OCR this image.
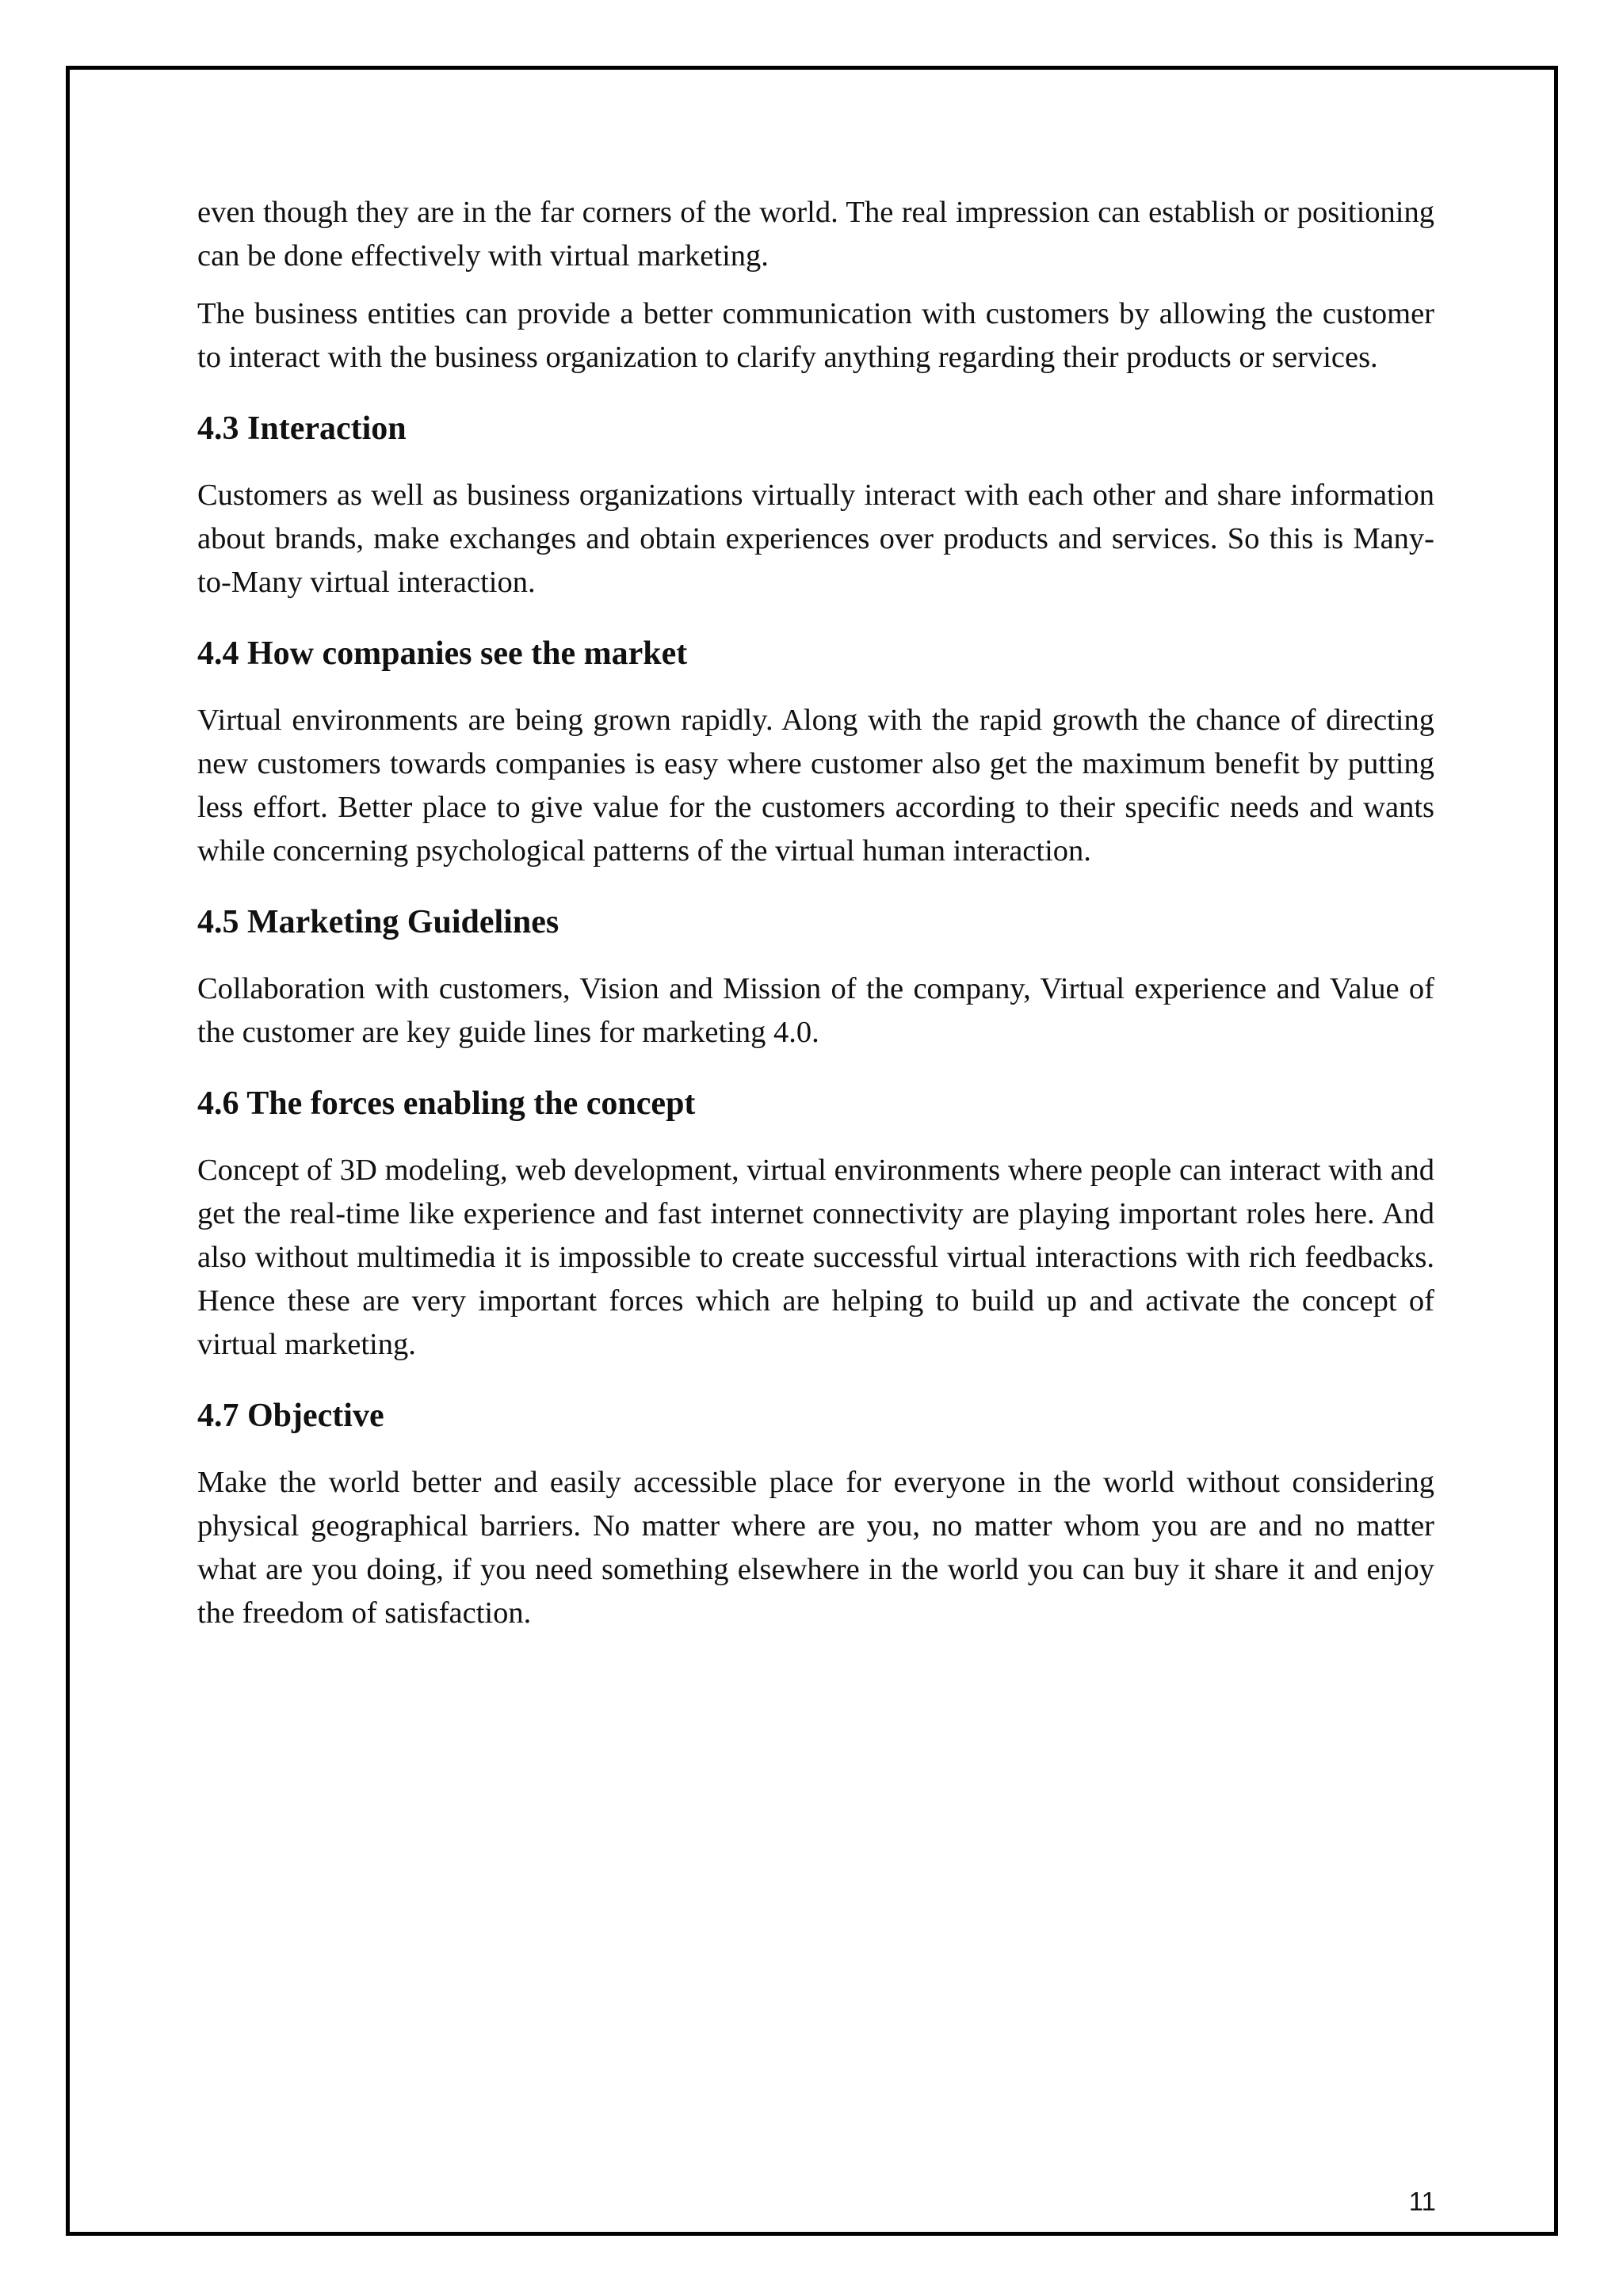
even though they are in the far corners of the world. The real impression can establish or positioning can be done effectively with virtual marketing.

The business entities can provide a better communication with customers by allowing the customer to interact with the business organization to clarify anything regarding their products or services.

4.3 Interaction

Customers as well as business organizations virtually interact with each other and share information about brands, make exchanges and obtain experiences over products and services. So this is Many-to-Many virtual interaction.

4.4 How companies see the market

Virtual environments are being grown rapidly. Along with the rapid growth the chance of directing new customers towards companies is easy where customer also get the maximum benefit by putting less effort. Better place to give value for the customers according to their specific needs and wants while concerning psychological patterns of the virtual human interaction.

4.5 Marketing Guidelines

Collaboration with customers, Vision and Mission of the company, Virtual experience and Value of the customer are key guide lines for marketing 4.0.

4.6 The forces enabling the concept

Concept of 3D modeling, web development, virtual environments where people can interact with and get the real-time like experience and fast internet connectivity are playing important roles here. And also without multimedia it is impossible to create successful virtual interactions with rich feedbacks. Hence these are very important forces which are helping to build up and activate the concept of virtual marketing.

4.7 Objective

Make the world better and easily accessible place for everyone in the world without considering physical geographical barriers. No matter where are you, no matter whom you are and no matter what are you doing, if you need something elsewhere in the world you can buy it share it and enjoy the freedom of satisfaction.

11
